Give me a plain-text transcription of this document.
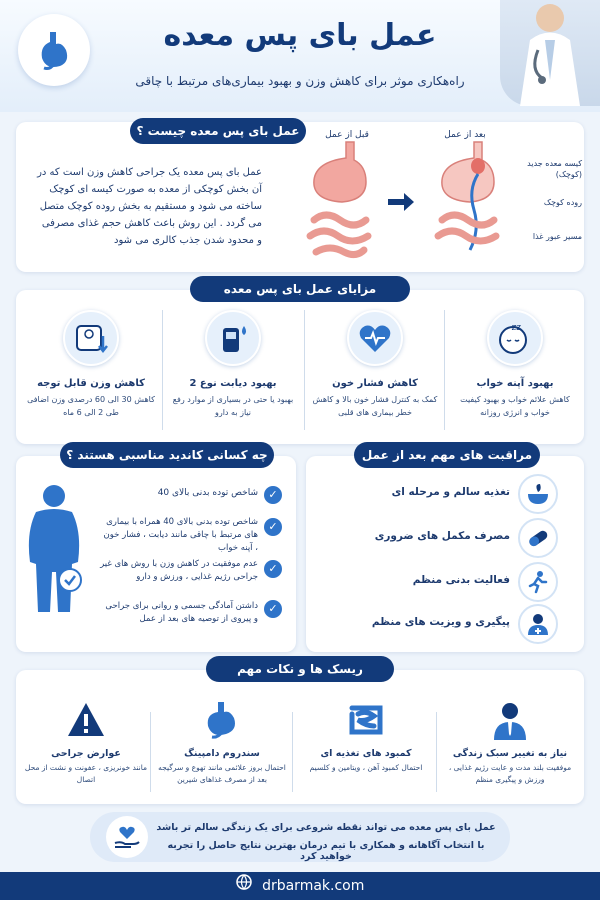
عمل بای پس معده
راه‌هکاری موثر برای کاهش وزن و بهبود بیماری‌های مرتبط با چاقی
عمل بای پس معده چیست ؟
عمل بای پس معده یک جراحی کاهش وزن است که در آن بخش کوچکی از معده به صورت کیسه ای کوچک ساخته می شود و مستقیم به بخش روده کوچک متصل می گردد . این روش باعث کاهش حجم غذای مصرفی و محدود شدن جذب کالری می شود
قبل از عمل	بعد از عمل
کیسه معده جدید (کوچک)
روده کوچک
مسیر عبور غذا
مزایای عمل بای پس معده
zz
بهبود آپنه خواب
کاهش علائم خواب و بهبود کیفیت خواب و انرژی روزانه
کاهش فشار خون
کمک به کنترل فشار خون بالا و کاهش خطر بیماری های قلبی
بهبود دیابت نوع 2
بهبود یا حتی در بسیاری از موارد رفع نیاز به دارو
کاهش وزن قابل توجه
کاهش 30 الی 60 درصدی وزن اضافی طی 2 الی 6 ماه
چه کسانی کاندید مناسبی هستند ؟
✓
شاخص توده بدنی بالای 40
✓
شاخص توده بدنی بالای 40 همراه با بیماری های مرتبط با چاقی مانند دیابت ، فشار خون ، آپنه خواب
✓
عدم موفقیت در کاهش وزن با روش های غیر جراحی رژیم غذایی ، ورزش و دارو
✓
داشتن آمادگی جسمی و روانی برای جراحی و پیروی از توصیه های بعد از عمل
مراقبت های مهم بعد از عمل
تغذیه سالم و مرحله ای
مصرف مکمل های ضروری
فعالیت بدنی منظم
پیگیری و ویزیت های منظم
ریسک ها و نکات مهم
نیاز به تغییر سبک زندگی
موفقیت بلند مدت و عایت رژیم غذایی ، ورزش و پیگیری منظم
کمبود های تغذیه ای
احتمال کمبود آهن ، ویتامین و کلسیم
سندروم دامپینگ
احتمال بروز علائمی مانند تهوع و سرگیجه بعد از مصرف غذاهای شیرین
عوارض جراحی
مانند خونریزی ، عفونت و نشت از محل اتصال
عمل بای پس معده می تواند نقطه شروعی برای یک زندگی سالم تر باشد
با انتخاب آگاهانه و همکاری با تیم درمان بهترین نتایج حاصل را تجربه خواهید کرد
drbarmak.com
